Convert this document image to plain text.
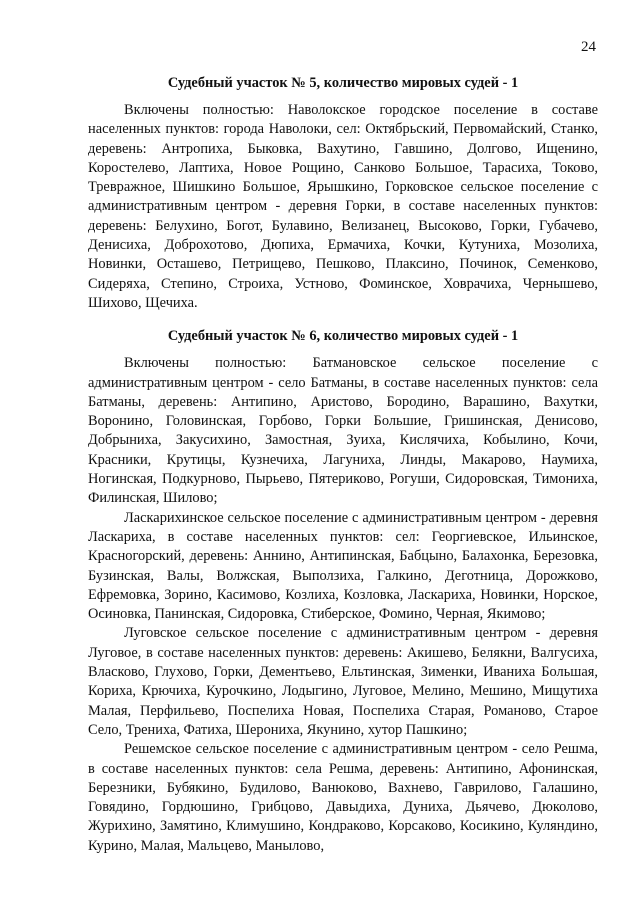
24

Судебный участок № 5, количество мировых судей - 1

Включены полностью: Наволокское городское поселение в составе населенных пунктов: города Наволоки, сел: Октябрьский, Первомайский, Станко, деревень: Антропиха, Быковка, Вахутино, Гавшино, Долгово, Ищенино, Коростелево, Лаптиха, Новое Рощино, Санково Большое, Тарасиха, Токово, Тревражное, Шишкино Большое, Ярышкино, Горковское сельское поселение с административным центром - деревня Горки, в составе населенных пунктов: деревень: Белухино, Богот, Булавино, Велизанец, Высоково, Горки, Губачево, Денисиха, Доброхотово, Дюпиха, Ермачиха, Кочки, Кутуниха, Мозолиха, Новинки, Осташево, Петрищево, Пешково, Плаксино, Починок, Семенково, Сидеряха, Степино, Строиха, Устново, Фоминское, Ховрачиха, Чернышево, Шихово, Щечиха.

Судебный участок № 6, количество мировых судей - 1

Включены полностью: Батмановское сельское поселение с административным центром - село Батманы, в составе населенных пунктов: села Батманы, деревень: Антипино, Аристово, Бородино, Варашино, Вахутки, Воронино, Головинская, Горбово, Горки Большие, Гришинская, Денисово, Добрыниха, Закусихино, Замостная, Зуиха, Кислячиха, Кобылино, Кочи, Красники, Крутицы, Кузнечиха, Лагуниха, Линды, Макарово, Наумиха, Ногинская, Подкурново, Пырьево, Пятериково, Рогуши, Сидоровская, Тимониха, Филинская, Шилово;

Ласкарихинское сельское поселение с административным центром - деревня Ласкариха, в составе населенных пунктов: сел: Георгиевское, Ильинское, Красногорский, деревень: Аннино, Антипинская, Бабцыно, Балахонка, Березовка, Бузинская, Валы, Волжская, Выползиха, Галкино, Деготница, Дорожково, Ефремовка, Зорино, Касимово, Козлиха, Козловка, Ласкариха, Новинки, Норское, Осиновка, Панинская, Сидоровка, Стиберское, Фомино, Черная, Якимово;

Луговское сельское поселение с административным центром - деревня Луговое, в составе населенных пунктов: деревень: Акишево, Белякни, Валгусиха, Власково, Глухово, Горки, Дементьево, Ельтинская, Зименки, Иваниха Большая, Кориха, Крючиха, Курочкино, Лодыгино, Луговое, Мелино, Мешино, Мищутиха Малая, Перфильево, Поспелиха Новая, Поспелиха Старая, Романово, Старое Село, Трениха, Фатиха, Шерониха, Якунино, хутор Пашкино;

Решемское сельское поселение с административным центром - село Решма, в составе населенных пунктов: села Решма, деревень: Антипино, Афонинская, Березники, Бубякино, Будилово, Ванюково, Вахнево, Гаврилово, Галашино, Говядино, Гордюшино, Грибцово, Давыдиха, Дуниха, Дьячево, Дюколово, Журихино, Замятино, Климушино, Кондраково, Корсаково, Косикино, Куляндино, Курино, Малая, Мальцево, Манылово,
